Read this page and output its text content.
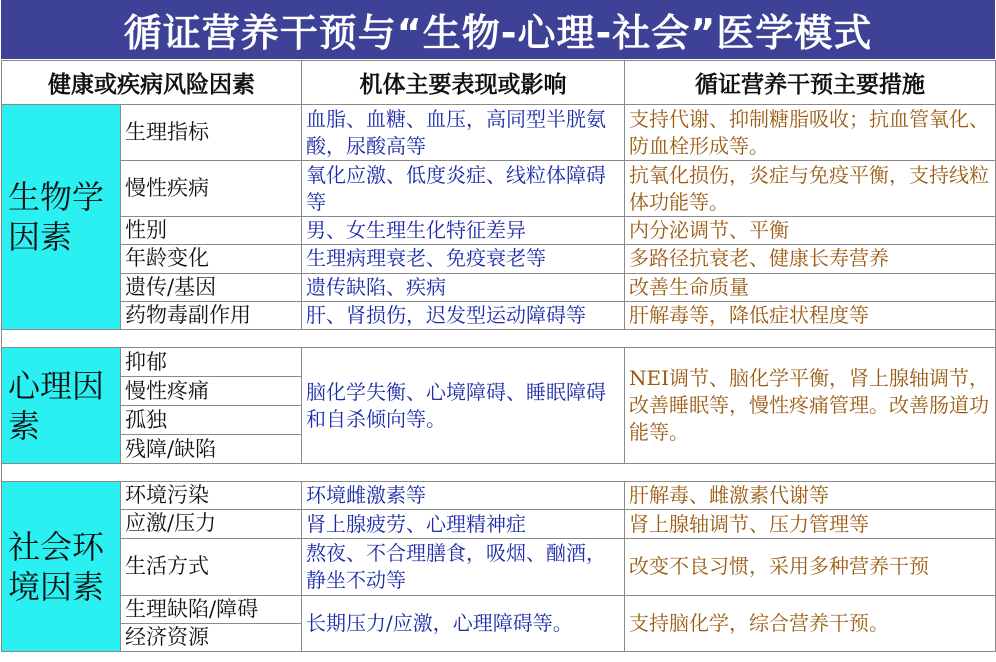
循证营养干预与“生物-心理-社会”医学模式
健康或疾病风险因素		机体主要表现或影响	循证营养干预主要措施
生物学因素	生理指标	血脂、血糖、血压，高同型半胱氨酸，尿酸高等	支持代谢、抑制糖脂吸收；抗血管氧化、防血栓形成等。
	慢性疾病	氧化应激、低度炎症、线粒体障碍等	抗氧化损伤，炎症与免疫平衡，支持线粒体功能等。
	性别	男、女生理生化特征差异	内分泌调节、平衡
	年龄变化	生理病理衰老、免疫衰老等	多路径抗衰老、健康长寿营养
	遗传/基因	遗传缺陷、疾病	改善生命质量
	药物毒副作用	肝、肾损伤，迟发型运动障碍等	肝解毒等，降低症状程度等

心理因素	抑郁	脑化学失衡、心境障碍、睡眠障碍和自杀倾向等。	NEI调节、脑化学平衡，肾上腺轴调节，改善睡眠等，慢性疼痛管理。改善肠道功能等。
	慢性疼痛		
	孤独		
	残障/缺陷		

社会环境因素	环境污染	环境雌激素等	肝解毒、雌激素代谢等
	应激/压力	肾上腺疲劳、心理精神症	肾上腺轴调节、压力管理等
	生活方式	熬夜、不合理膳食，吸烟、酗酒，静坐不动等	改变不良习惯，采用多种营养干预
	生理缺陷/障碍	长期压力/应激，心理障碍等。	支持脑化学，综合营养干预。
	经济资源		
